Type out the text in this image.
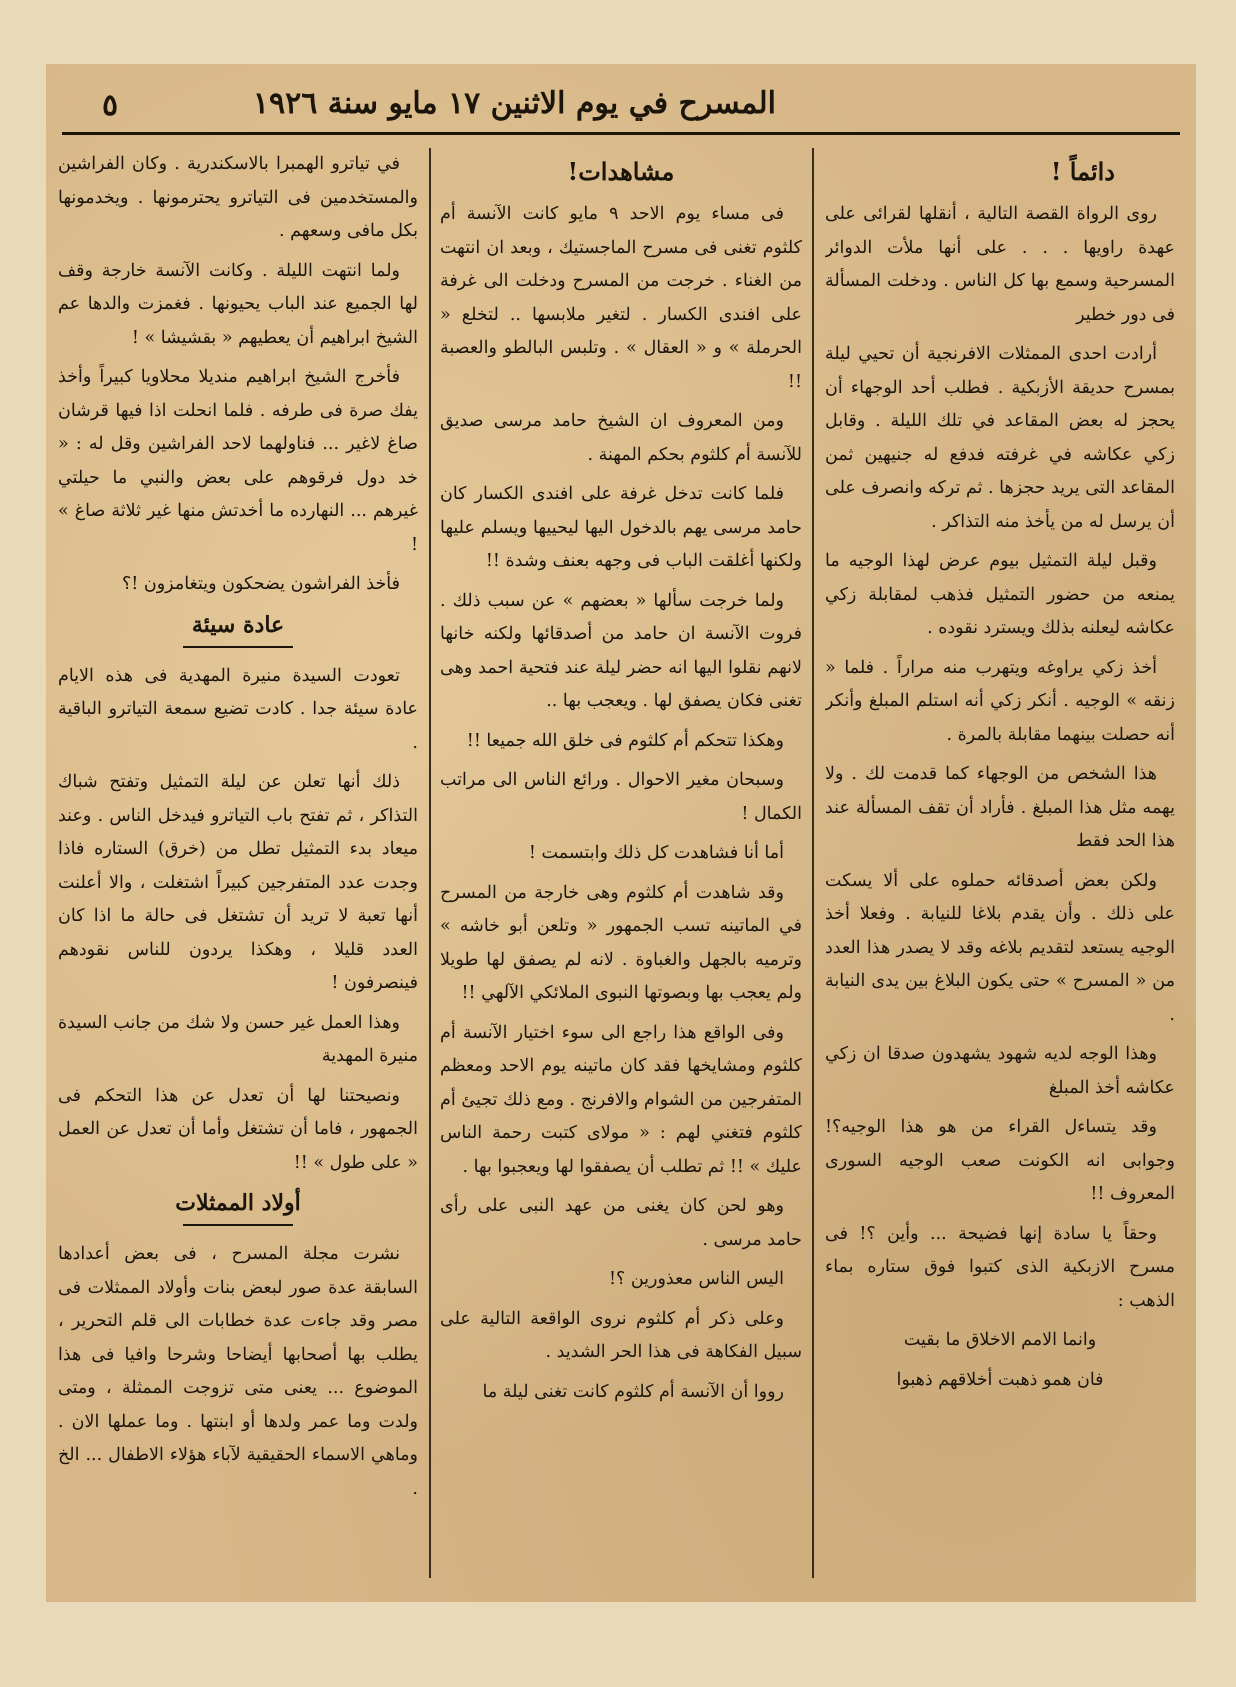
٥	المسرح في يوم الاثنين ١٧ مايو سنة ١٩٢٦
دائماً !

روى الرواة القصة التالية ، أنقلها لقرائى على عهدة راويها . . . على أنها ملأت الدوائر المسرحية وسمع بها كل الناس . ودخلت المسألة فى دور خطير

أرادت احدى الممثلات الافرنجية أن تحيي ليلة بمسرح حديقة الأزبكية . فطلب أحد الوجهاء أن يحجز له بعض المقاعد في تلك الليلة . وقابل زكي عكاشه في غرفته فدفع له جنيهين ثمن المقاعد التى يريد حجزها . ثم تركه وانصرف على أن يرسل له من يأخذ منه التذاكر .

وقبل ليلة التمثيل بيوم عرض لهذا الوجيه ما يمنعه من حضور التمثيل فذهب لمقابلة زكي عكاشه ليعلنه بذلك ويسترد نقوده .

أخذ زكي يراوغه ويتهرب منه مراراً . فلما « زنقه » الوجيه . أنكر زكي أنه استلم المبلغ وأنكر أنه حصلت بينهما مقابلة بالمرة .

هذا الشخص من الوجهاء كما قدمت لك . ولا يهمه مثل هذا المبلغ . فأراد أن تقف المسألة عند هذا الحد فقط

ولكن بعض أصدقائه حملوه على ألا يسكت على ذلك . وأن يقدم بلاغا للنيابة . وفعلا أخذ الوجيه يستعد لتقديم بلاغه وقد لا يصدر هذا العدد من « المسرح » حتى يكون البلاغ بين يدى النيابة .

وهذا الوجه لديه شهود يشهدون صدقا ان زكي عكاشه أخذ المبلغ

وقد يتساءل القراء من هو هذا الوجيه؟! وجوابى انه الكونت صعب الوجيه السورى المعروف !!

وحقاً يا سادة إنها فضيحة ... وأين ؟! فى مسرح الازبكية الذى كتبوا فوق ستاره بماء الذهب :

وانما الامم الاخلاق ما بقيت

فان همو ذهبت أخلاقهم ذهبوا

مشاهدات!

فى مساء يوم الاحد ٩ مايو كانت الآنسة أم كلثوم تغنى فى مسرح الماجستيك ، وبعد ان انتهت من الغناء . خرجت من المسرح ودخلت الى غرفة على افندى الكسار . لتغير ملابسها .. لتخلع « الحرملة » و « العقال » . وتلبس البالطو والعصبة !!

ومن المعروف ان الشيخ حامد مرسى صديق للآنسة أم كلثوم بحكم المهنة .

فلما كانت تدخل غرفة على افندى الكسار كان حامد مرسى يهم بالدخول اليها ليحييها ويسلم عليها ولكنها أغلقت الباب فى وجهه بعنف وشدة !!

ولما خرجت سألها « بعضهم » عن سبب ذلك . فروت الآنسة ان حامد من أصدقائها ولكنه خانها لانهم نقلوا اليها انه حضر ليلة عند فتحية احمد وهى تغنى فكان يصفق لها . ويعجب بها ..

وهكذا تتحكم أم كلثوم فى خلق الله جميعا !!

وسبحان مغير الاحوال . ورائع الناس الى مراتب الكمال !

أما أنا فشاهدت كل ذلك وابتسمت !

وقد شاهدت أم كلثوم وهى خارجة من المسرح في الماتينه تسب الجمهور « وتلعن أبو خاشه » وترميه بالجهل والغباوة . لانه لم يصفق لها طويلا ولم يعجب بها وبصوتها النبوى الملائكي الآلهي !!

وفى الواقع هذا راجع الى سوء اختيار الآنسة أم كلثوم ومشايخها فقد كان ماتينه يوم الاحد ومعظم المتفرجين من الشوام والافرنج . ومع ذلك تجيئ أم كلثوم فتغني لهم : « مولاى كتبت رحمة الناس عليك » !! ثم تطلب أن يصفقوا لها ويعجبوا بها .

وهو لحن كان يغنى من عهد النبى على رأى حامد مرسى .

اليس الناس معذورين ؟!

وعلى ذكر أم كلثوم نروى الواقعة التالية على سبيل الفكاهة فى هذا الحر الشديد .

رووا أن الآنسة أم كلثوم كانت تغنى ليلة ما

في تياترو الهمبرا بالاسكندرية . وكان الفراشين والمستخدمين فى التياترو يحترمونها . ويخدمونها بكل مافى وسعهم .

ولما انتهت الليلة . وكانت الآنسة خارجة وقف لها الجميع عند الباب يحيونها . فغمزت والدها عم الشيخ ابراهيم أن يعطيهم « بقشيشا » !

فأخرج الشيخ ابراهيم منديلا محلاويا كبيراً وأخذ يفك صرة فى طرفه . فلما انحلت اذا فيها قرشان صاغ لاغير ... فناولهما لاحد الفراشين وقل له : « خد دول فرقوهم على بعض والنبي ما حيلتي غيرهم ... النهارده ما أخدتش منها غير ثلاثة صاغ » !

فأخذ الفراشون يضحكون ويتغامزون !؟

عادة سيئة

تعودت السيدة منيرة المهدية فى هذه الايام عادة سيئة جدا . كادت تضيع سمعة التياترو الباقية .

ذلك أنها تعلن عن ليلة التمثيل وتفتح شباك التذاكر ، ثم تفتح باب التياترو فيدخل الناس . وعند ميعاد بدء التمثيل تطل من (خرق) الستاره فاذا وجدت عدد المتفرجين كبيراً اشتغلت ، والا أعلنت أنها تعبة لا تريد أن تشتغل فى حالة ما اذا كان العدد قليلا ، وهكذا يردون للناس نقودهم فينصرفون !

وهذا العمل غير حسن ولا شك من جانب السيدة منيرة المهدية

ونصيحتنا لها أن تعدل عن هذا التحكم فى الجمهور ، فاما أن تشتغل وأما أن تعدل عن العمل « على طول » !!

أولاد الممثلات

نشرت مجلة المسرح ، فى بعض أعدادها السابقة عدة صور لبعض بنات وأولاد الممثلات فى مصر وقد جاءت عدة خطابات الى قلم التحرير ، يطلب بها أصحابها أيضاحا وشرحا وافيا فى هذا الموضوع ... يعنى متى تزوجت الممثلة ، ومتى ولدت وما عمر ولدها أو ابنتها . وما عملها الان . وماهي الاسماء الحقيقية لآباء هؤلاء الاطفال ... الخ .
